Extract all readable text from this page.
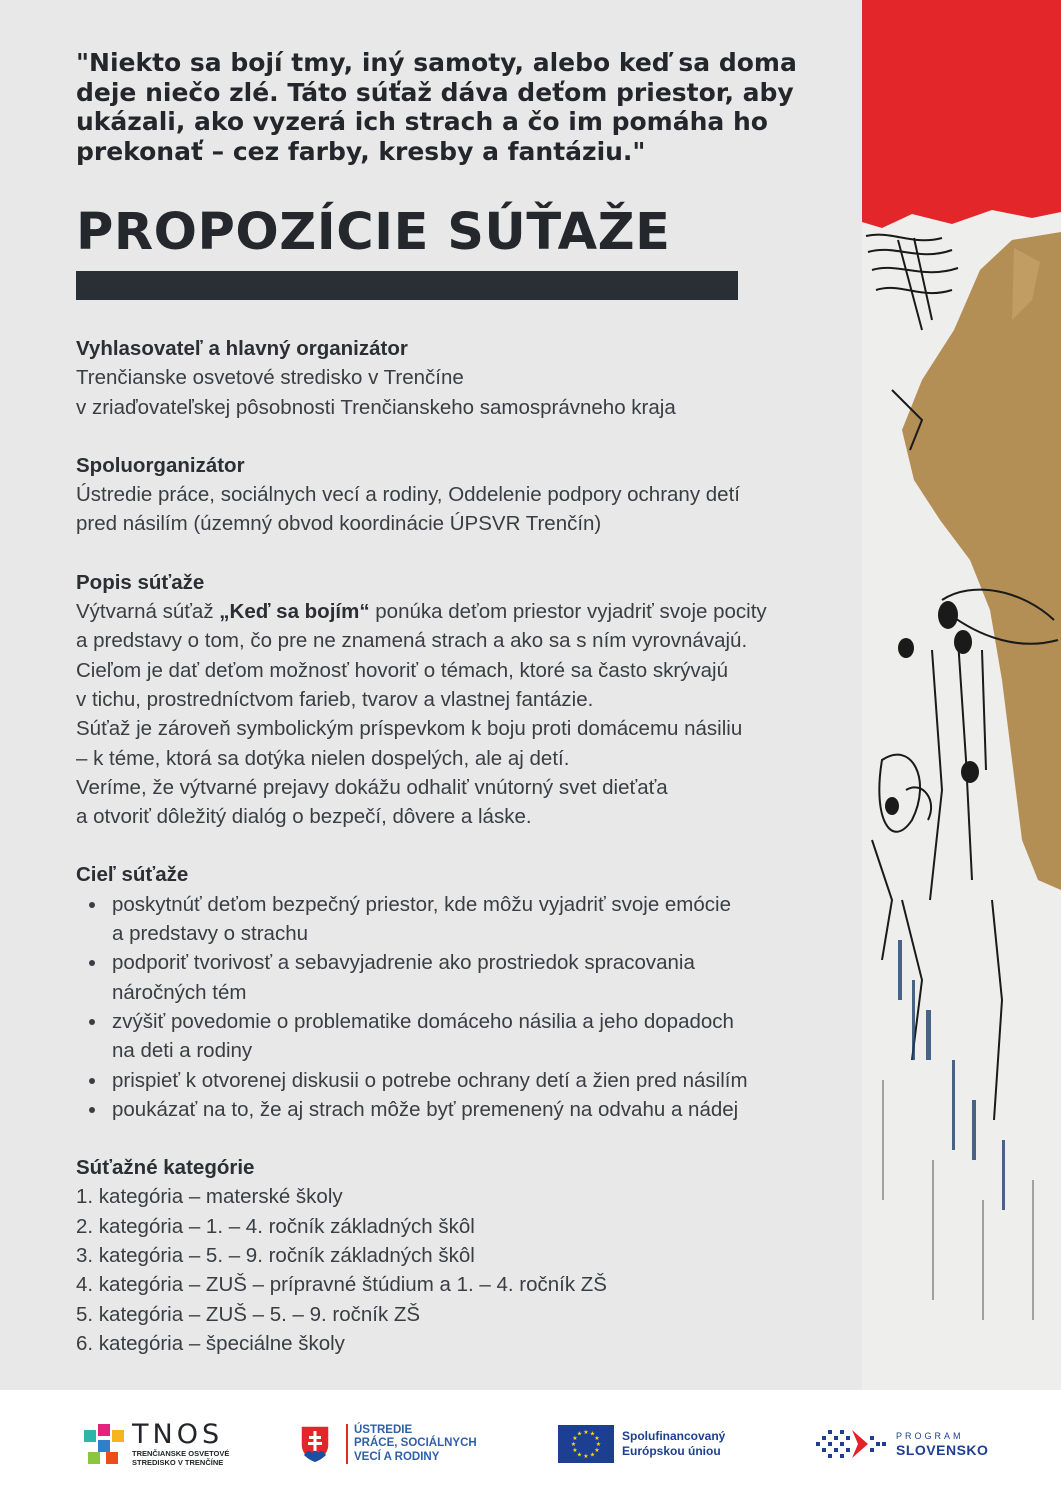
"Niekto sa bojí tmy, iný samoty, alebo keď sa doma deje niečo zlé. Táto súťaž dáva deťom priestor, aby ukázali, ako vyzerá ich strach a čo im pomáha ho prekonať – cez farby, kresby a fantáziu."

PROPOZÍCIE SÚŤAŽE
Vyhlasovateľ a hlavný organizátor

Trenčianske osvetové stredisko v Trenčíne

v zriaďovateľskej pôsobnosti Trenčianskeho samosprávneho kraja

Spoluorganizátor

Ústredie práce, sociálnych vecí a rodiny, Oddelenie podpory ochrany detí

pred násilím (územný obvod koordinácie ÚPSVR Trenčín)

Popis súťaže

Výtvarná súťaž „Keď sa bojím“ ponúka deťom priestor vyjadriť svoje pocity

a predstavy o tom, čo pre ne znamená strach a ako sa s ním vyrovnávajú.

Cieľom je dať deťom možnosť hovoriť o témach, ktoré sa často skrývajú

v tichu, prostredníctvom farieb, tvarov a vlastnej fantázie.

Súťaž je zároveň symbolickým príspevkom k boju proti domácemu násiliu

– k téme, ktorá sa dotýka nielen dospelých, ale aj detí.

Veríme, že výtvarné prejavy dokážu odhaliť vnútorný svet dieťaťa

a otvoriť dôležitý dialóg o bezpečí, dôvere a láske.

Cieľ súťaže
poskytnúť deťom bezpečný priestor, kde môžu vyjadriť svoje emócie
a predstavy o strachu
podporiť tvorivosť a sebavyjadrenie ako prostriedok spracovania
náročných tém
zvýšiť povedomie o problematike domáceho násilia a jeho dopadoch
na deti a rodiny
prispieť k otvorenej diskusii o potrebe ochrany detí a žien pred násilím
poukázať na to, že aj strach môže byť premenený na odvahu a nádej
Súťažné kategórie
1. kategória – materské školy
2. kategória – 1. – 4. ročník základných škôl
3. kategória – 5. – 9. ročník základných škôl
4. kategória – ZUŠ – prípravné štúdium a 1. – 4. ročník ZŠ
5. kategória – ZUŠ – 5. – 9. ročník ZŠ
6. kategória – špeciálne školy
TNOS
TRENČIANSKE OSVETOVÉ
STREDISKO V TRENČÍNE
ÚSTREDIE
PRÁCE, SOCIÁLNYCH
VECÍ A RODINY
★ ★
★
★
★
★
★
★
★
★
★
★	Spolufinancovaný
Európskou úniou
PROGRAM
SLOVENSKO
